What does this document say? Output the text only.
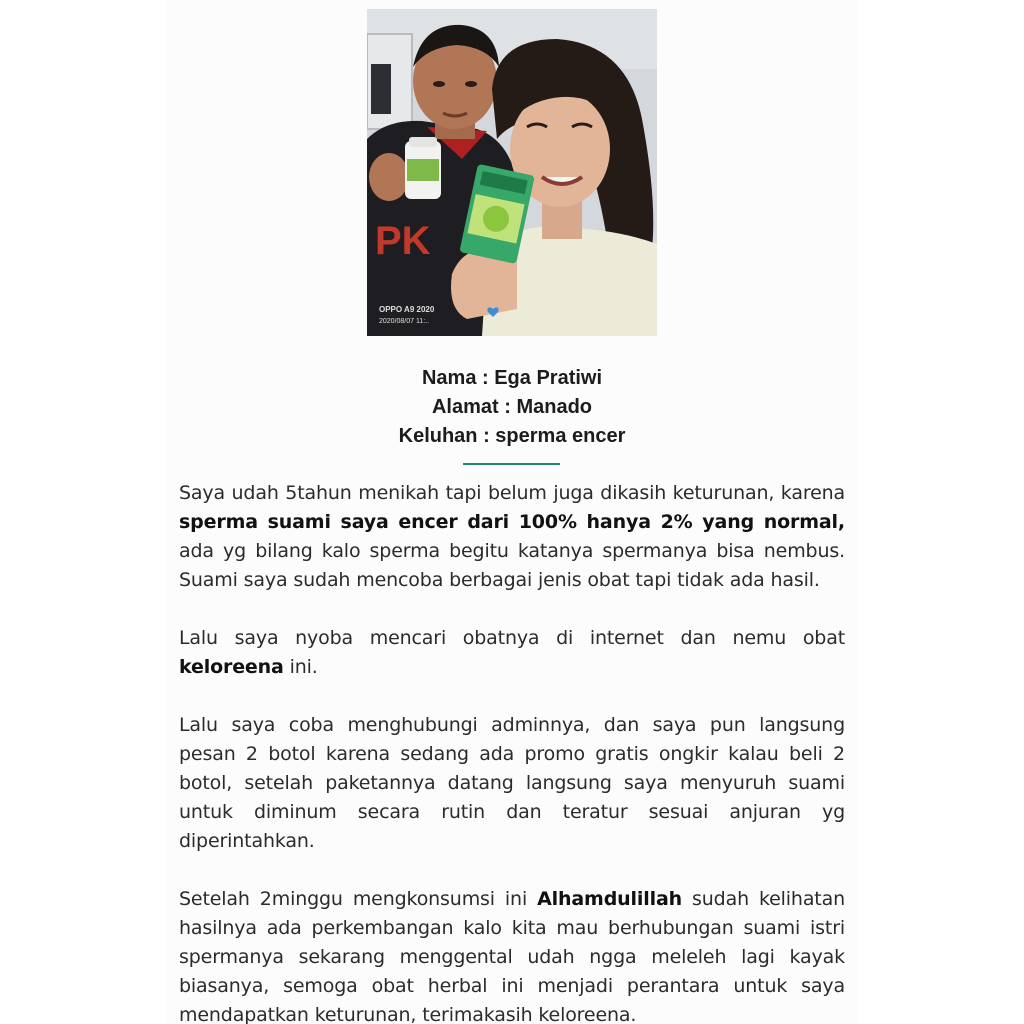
PK
OPPO A9 2020
2020/08/07 11:..
Nama : Ega Pratiwi
Alamat : Manado
Keluhan : sperma encer

Saya udah 5tahun menikah tapi belum juga dikasih keturunan, karena sperma suami saya encer dari 100% hanya 2% yang normal, ada yg bilang kalo sperma begitu katanya spermanya bisa nembus. Suami saya sudah mencoba berbagai jenis obat tapi tidak ada hasil.

Lalu saya nyoba mencari obatnya di internet dan nemu obat keloreena ini.

Lalu saya coba menghubungi adminnya, dan saya pun langsung pesan 2 botol karena sedang ada promo gratis ongkir kalau beli 2 botol, setelah paketannya datang langsung saya menyuruh suami untuk diminum secara rutin dan teratur sesuai anjuran yg diperintahkan.

Setelah 2minggu mengkonsumsi ini Alhamdulillah sudah kelihatan hasilnya ada perkembangan kalo kita mau berhubungan suami istri spermanya sekarang menggental udah ngga meleleh lagi kayak biasanya, semoga obat herbal ini menjadi perantara untuk saya mendapatkan keturunan, terimakasih keloreena.
